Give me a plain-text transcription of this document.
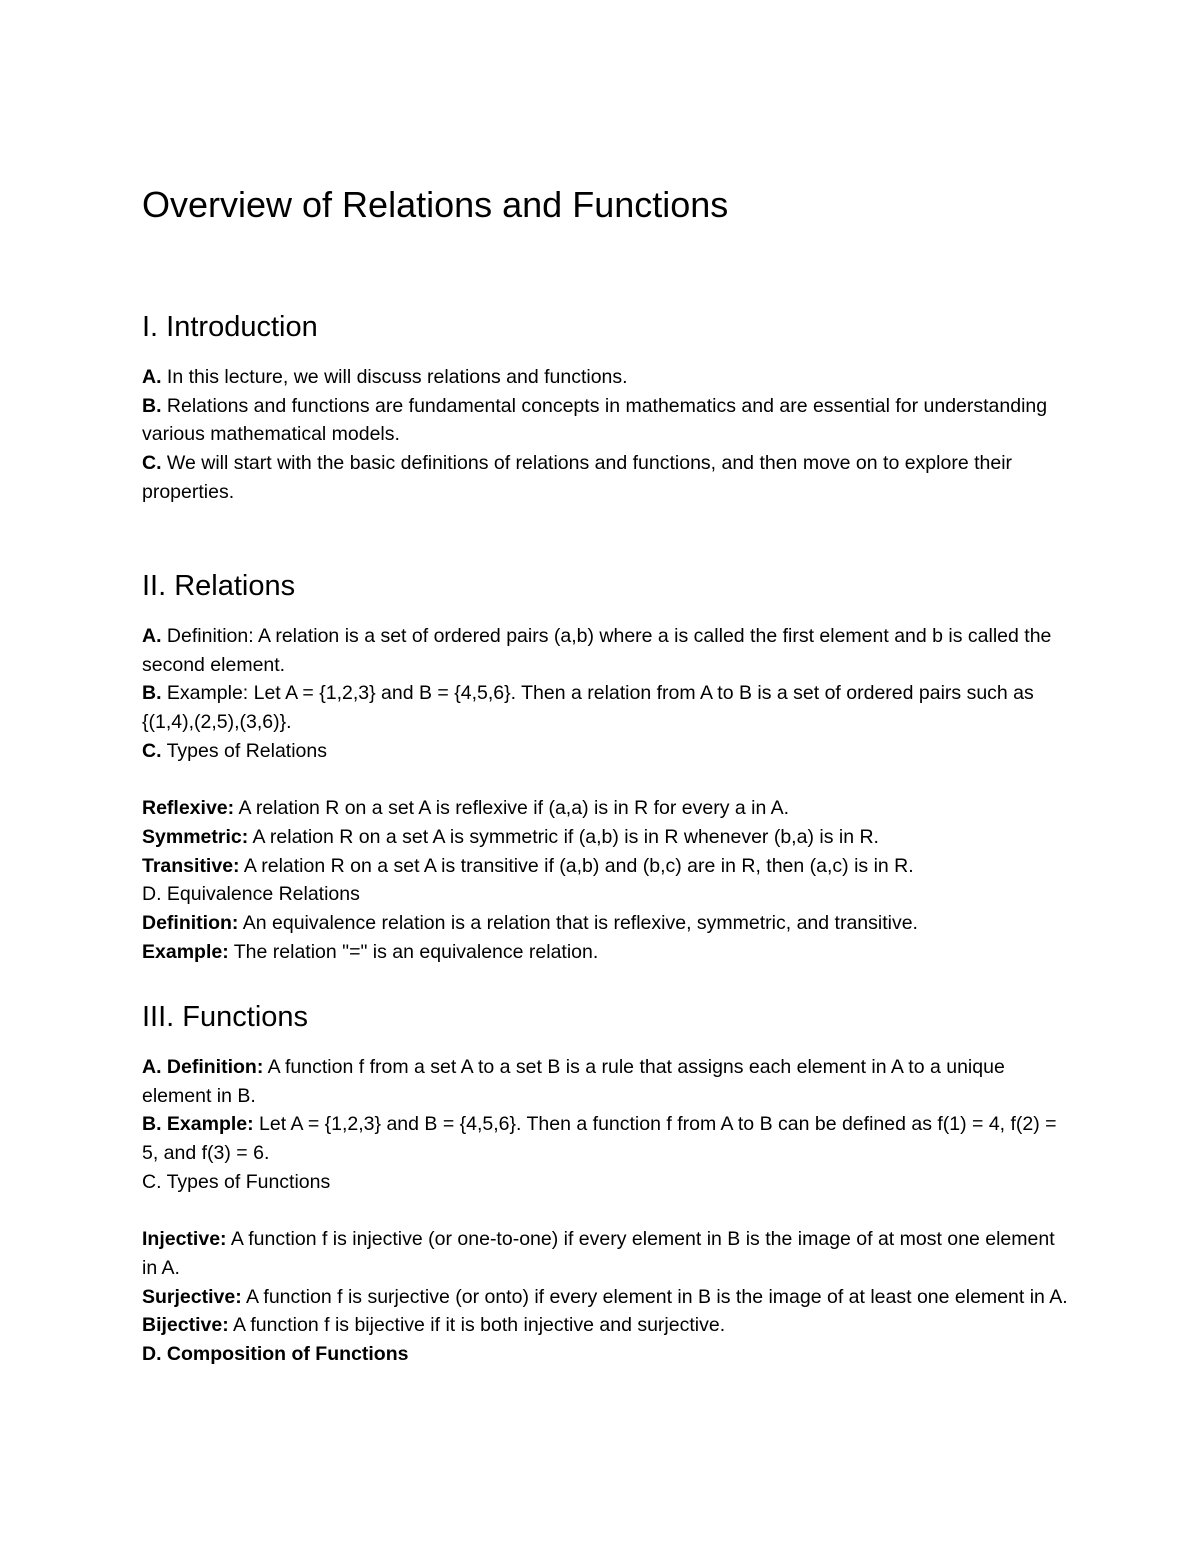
Overview of Relations and Functions
I. Introduction

A. In this lecture, we will discuss relations and functions.

B. Relations and functions are fundamental concepts in mathematics and are essential for understanding various mathematical models.

C. We will start with the basic definitions of relations and functions, and then move on to explore their properties.

II. Relations

A. Definition: A relation is a set of ordered pairs (a,b) where a is called the first element and b is called the second element.

B. Example: Let A = {1,2,3} and B = {4,5,6}. Then a relation from A to B is a set of ordered pairs such as {(1,4),(2,5),(3,6)}.

C. Types of Relations

Reflexive: A relation R on a set A is reflexive if (a,a) is in R for every a in A.

Symmetric: A relation R on a set A is symmetric if (a,b) is in R whenever (b,a) is in R.

Transitive: A relation R on a set A is transitive if (a,b) and (b,c) are in R, then (a,c) is in R.

D. Equivalence Relations

Definition: An equivalence relation is a relation that is reflexive, symmetric, and transitive.

Example: The relation "=" is an equivalence relation.

III. Functions

A. Definition: A function f from a set A to a set B is a rule that assigns each element in A to a unique element in B.

B. Example: Let A = {1,2,3} and B = {4,5,6}. Then a function f from A to B can be defined as f(1) = 4, f(2) = 5, and f(3) = 6.

C. Types of Functions

Injective: A function f is injective (or one-to-one) if every element in B is the image of at most one element in A.

Surjective: A function f is surjective (or onto) if every element in B is the image of at least one element in A.

Bijective: A function f is bijective if it is both injective and surjective.

D. Composition of Functions
